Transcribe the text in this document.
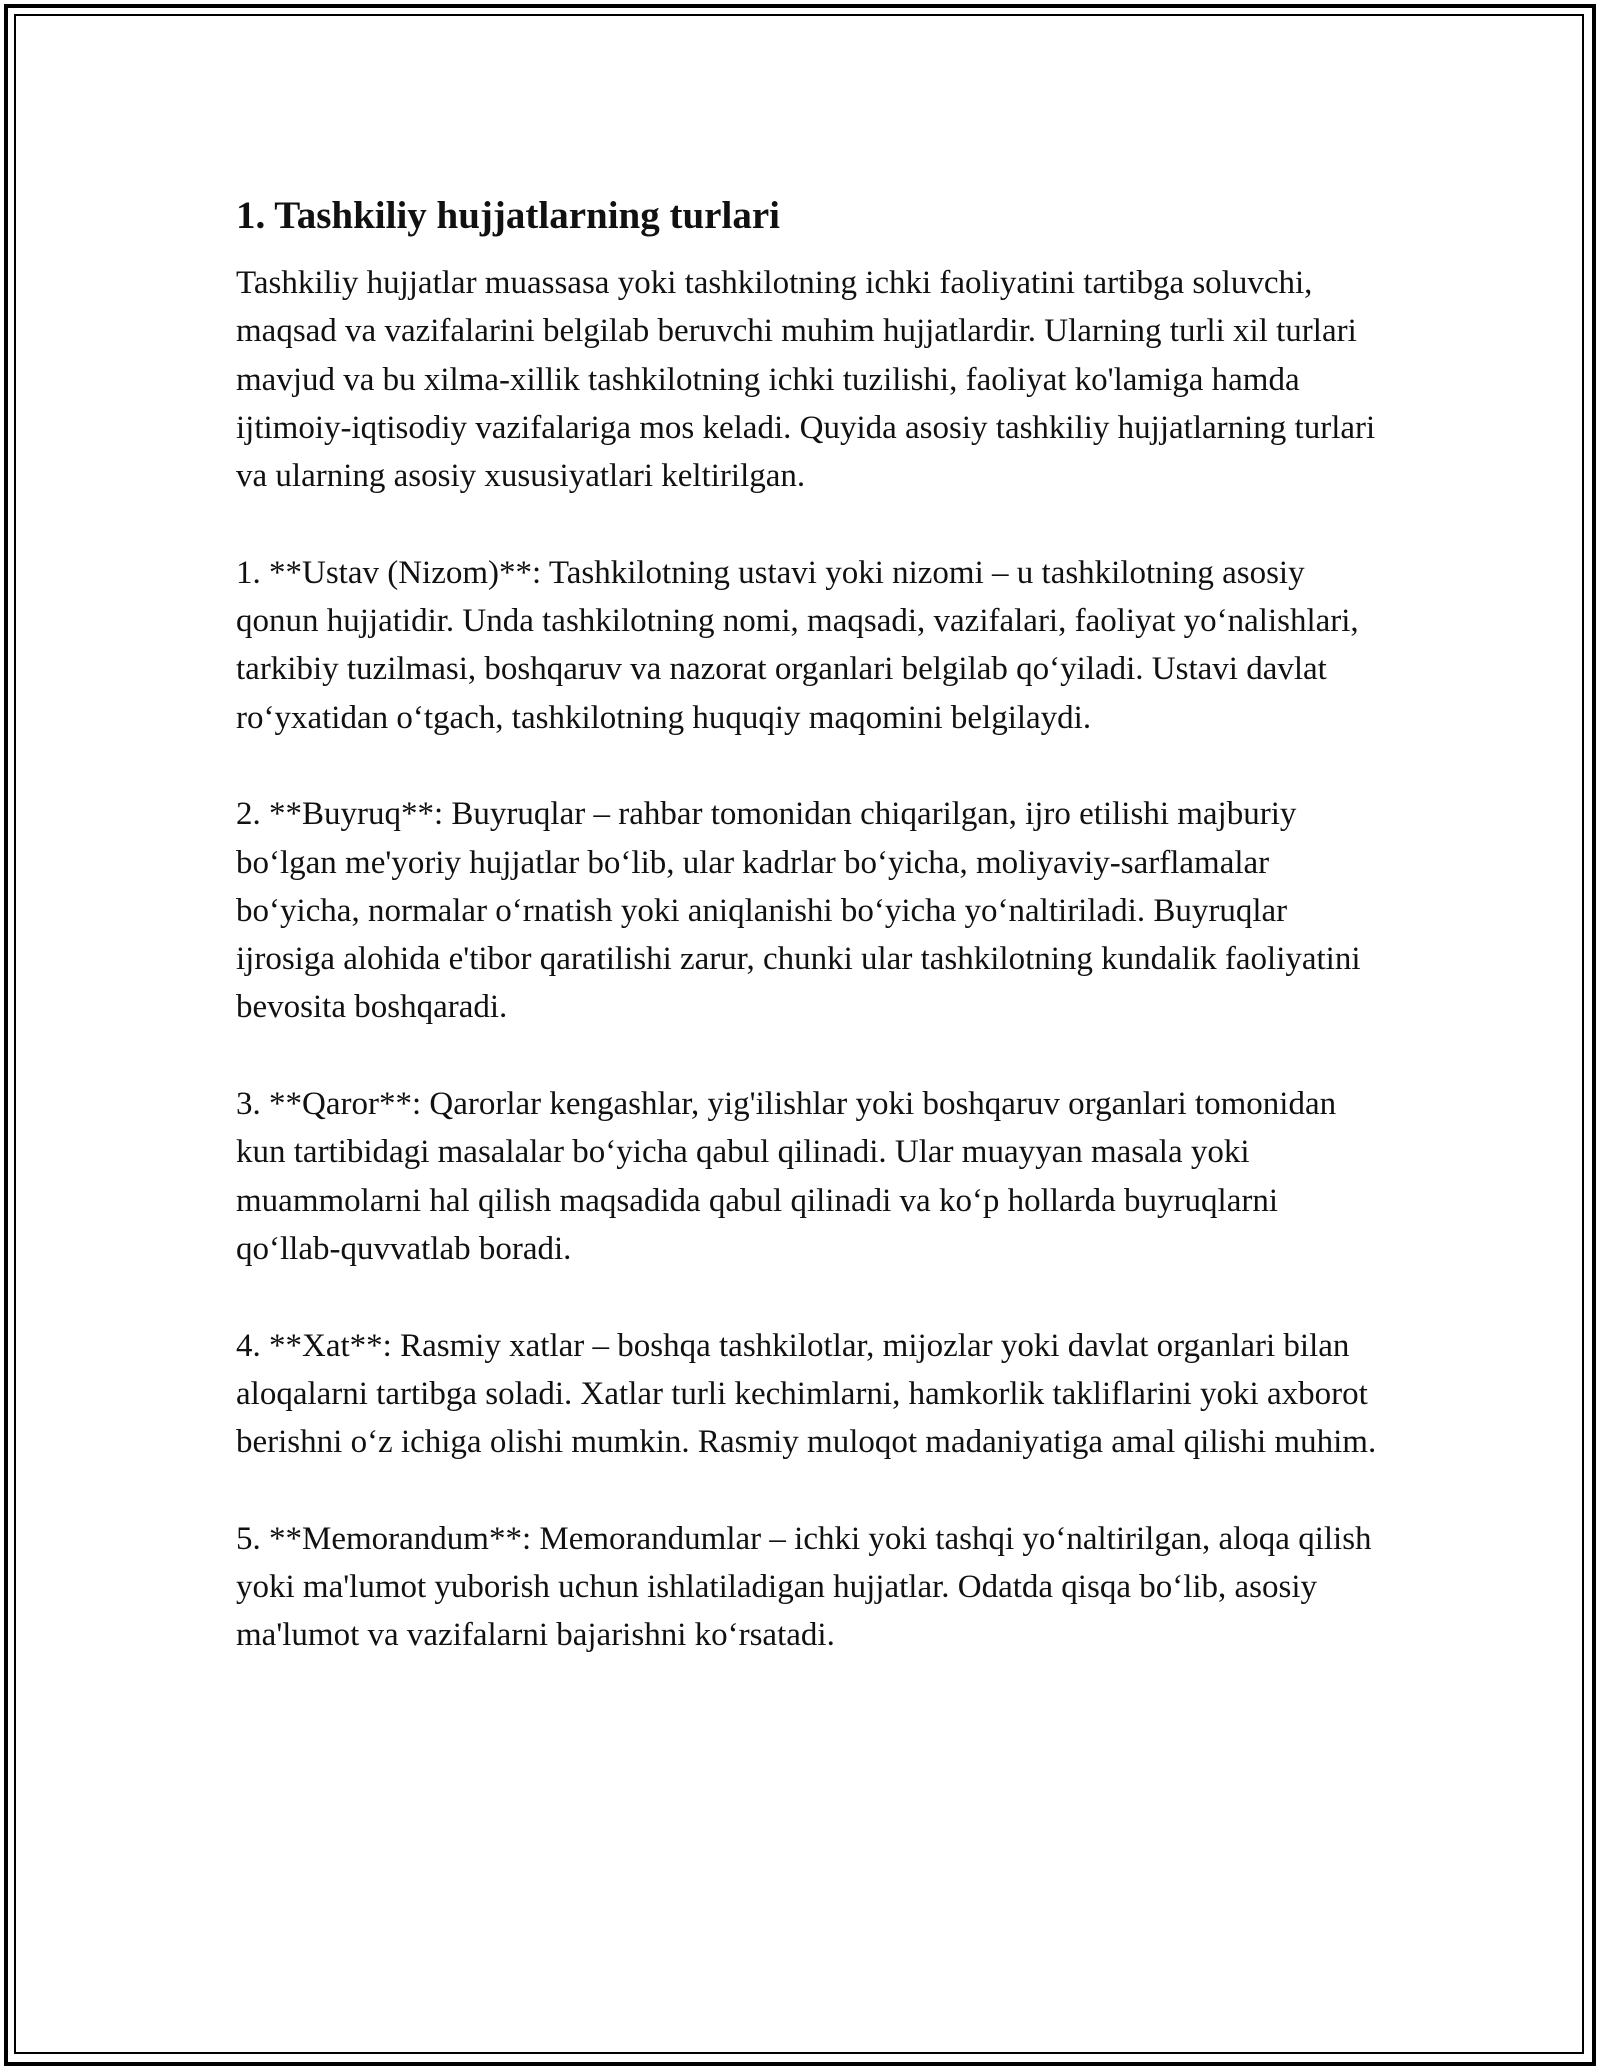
1. Tashkiliy hujjatlarning turlari

Tashkiliy hujjatlar muassasa yoki tashkilotning ichki faoliyatini tartibga soluvchi, maqsad va vazifalarini belgilab beruvchi muhim hujjatlardir. Ularning turli xil turlari mavjud va bu xilma-xillik tashkilotning ichki tuzilishi, faoliyat ko'lamiga hamda ijtimoiy-iqtisodiy vazifalariga mos keladi. Quyida asosiy tashkiliy hujjatlarning turlari va ularning asosiy xususiyatlari keltirilgan.

1. **Ustav (Nizom)**: Tashkilotning ustavi yoki nizomi – u tashkilotning asosiy qonun hujjatidir. Unda tashkilotning nomi, maqsadi, vazifalari, faoliyat yoʻnalishlari, tarkibiy tuzilmasi, boshqaruv va nazorat organlari belgilab qoʻyiladi. Ustavi davlat roʻyxatidan oʻtgach, tashkilotning huquqiy maqomini belgilaydi.

2. **Buyruq**: Buyruqlar – rahbar tomonidan chiqarilgan, ijro etilishi majburiy boʻlgan me'yoriy hujjatlar boʻlib, ular kadrlar boʻyicha, moliyaviy-sarflamalar boʻyicha, normalar oʻrnatish yoki aniqlanishi boʻyicha yoʻnaltiriladi. Buyruqlar ijrosiga alohida e'tibor qaratilishi zarur, chunki ular tashkilotning kundalik faoliyatini bevosita boshqaradi.

3. **Qaror**: Qarorlar kengashlar, yig'ilishlar yoki boshqaruv organlari tomonidan kun tartibidagi masalalar boʻyicha qabul qilinadi. Ular muayyan masala yoki muammolarni hal qilish maqsadida qabul qilinadi va koʻp hollarda buyruqlarni qoʻllab-quvvatlab boradi.

4. **Xat**: Rasmiy xatlar – boshqa tashkilotlar, mijozlar yoki davlat organlari bilan aloqalarni tartibga soladi. Xatlar turli kechimlarni, hamkorlik takliflarini yoki axborot berishni oʻz ichiga olishi mumkin. Rasmiy muloqot madaniyatiga amal qilishi muhim.

5. **Memorandum**: Memorandumlar – ichki yoki tashqi yoʻnaltirilgan, aloqa qilish yoki ma'lumot yuborish uchun ishlatiladigan hujjatlar. Odatda qisqa boʻlib, asosiy ma'lumot va vazifalarni bajarishni koʻrsatadi.
